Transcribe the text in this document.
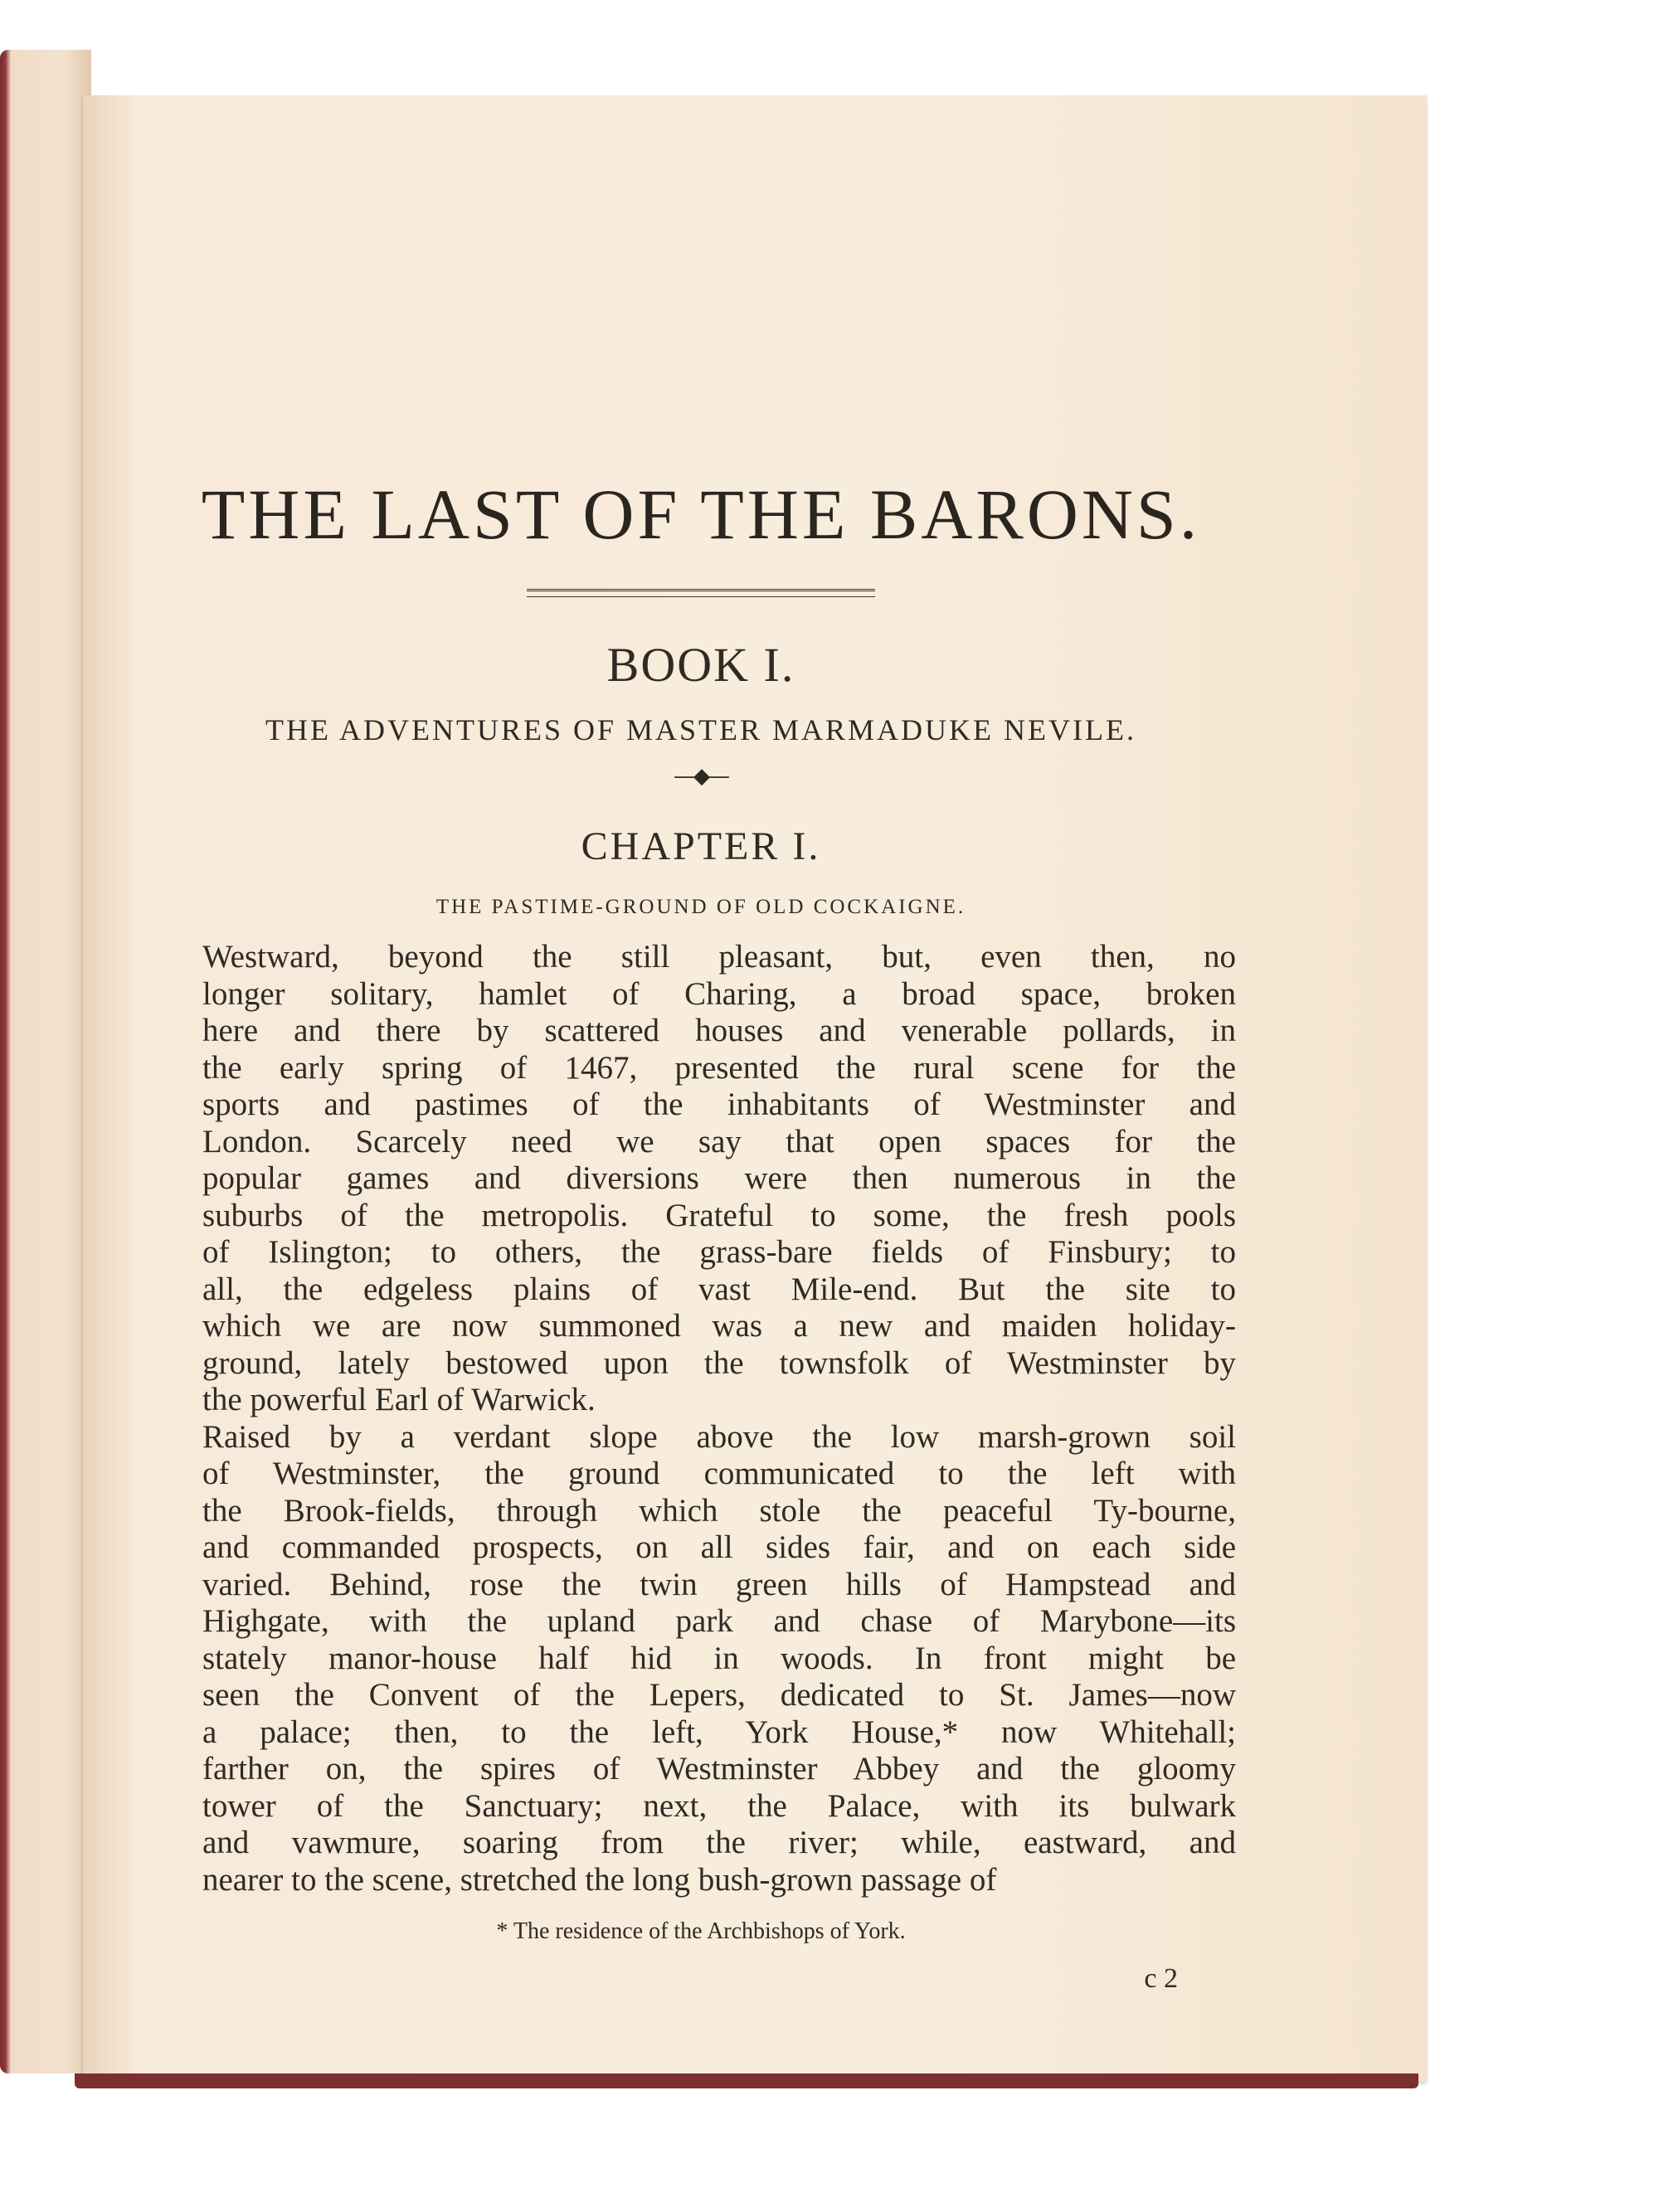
THE LAST OF THE BARONS.
BOOK I.
THE ADVENTURES OF MASTER MARMADUKE NEVILE.
—◆—
CHAPTER I.
THE PASTIME-GROUND OF OLD COCKAIGNE.
Westward, beyond the still pleasant, but, even then, no
longer solitary, hamlet of Charing, a broad space, broken
here and there by scattered houses and venerable pollards, in
the early spring of 1467, presented the rural scene for the
sports and pastimes of the inhabitants of Westminster and
London. Scarcely need we say that open spaces for the
popular games and diversions were then numerous in the
suburbs of the metropolis. Grateful to some, the fresh pools
of Islington; to others, the grass-bare fields of Finsbury; to
all, the edgeless plains of vast Mile-end. But the site to
which we are now summoned was a new and maiden holiday-
ground, lately bestowed upon the townsfolk of Westminster by
the powerful Earl of Warwick.
Raised by a verdant slope above the low marsh-grown soil
of Westminster, the ground communicated to the left with
the Brook-fields, through which stole the peaceful Ty-bourne,
and commanded prospects, on all sides fair, and on each side
varied. Behind, rose the twin green hills of Hampstead and
Highgate, with the upland park and chase of Marybone—its
stately manor-house half hid in woods. In front might be
seen the Convent of the Lepers, dedicated to St. James—now
a palace; then, to the left, York House,* now Whitehall;
farther on, the spires of Westminster Abbey and the gloomy
tower of the Sanctuary; next, the Palace, with its bulwark
and vawmure, soaring from the river; while, eastward, and
nearer to the scene, stretched the long bush-grown passage of
* The residence of the Archbishops of York.
c 2
